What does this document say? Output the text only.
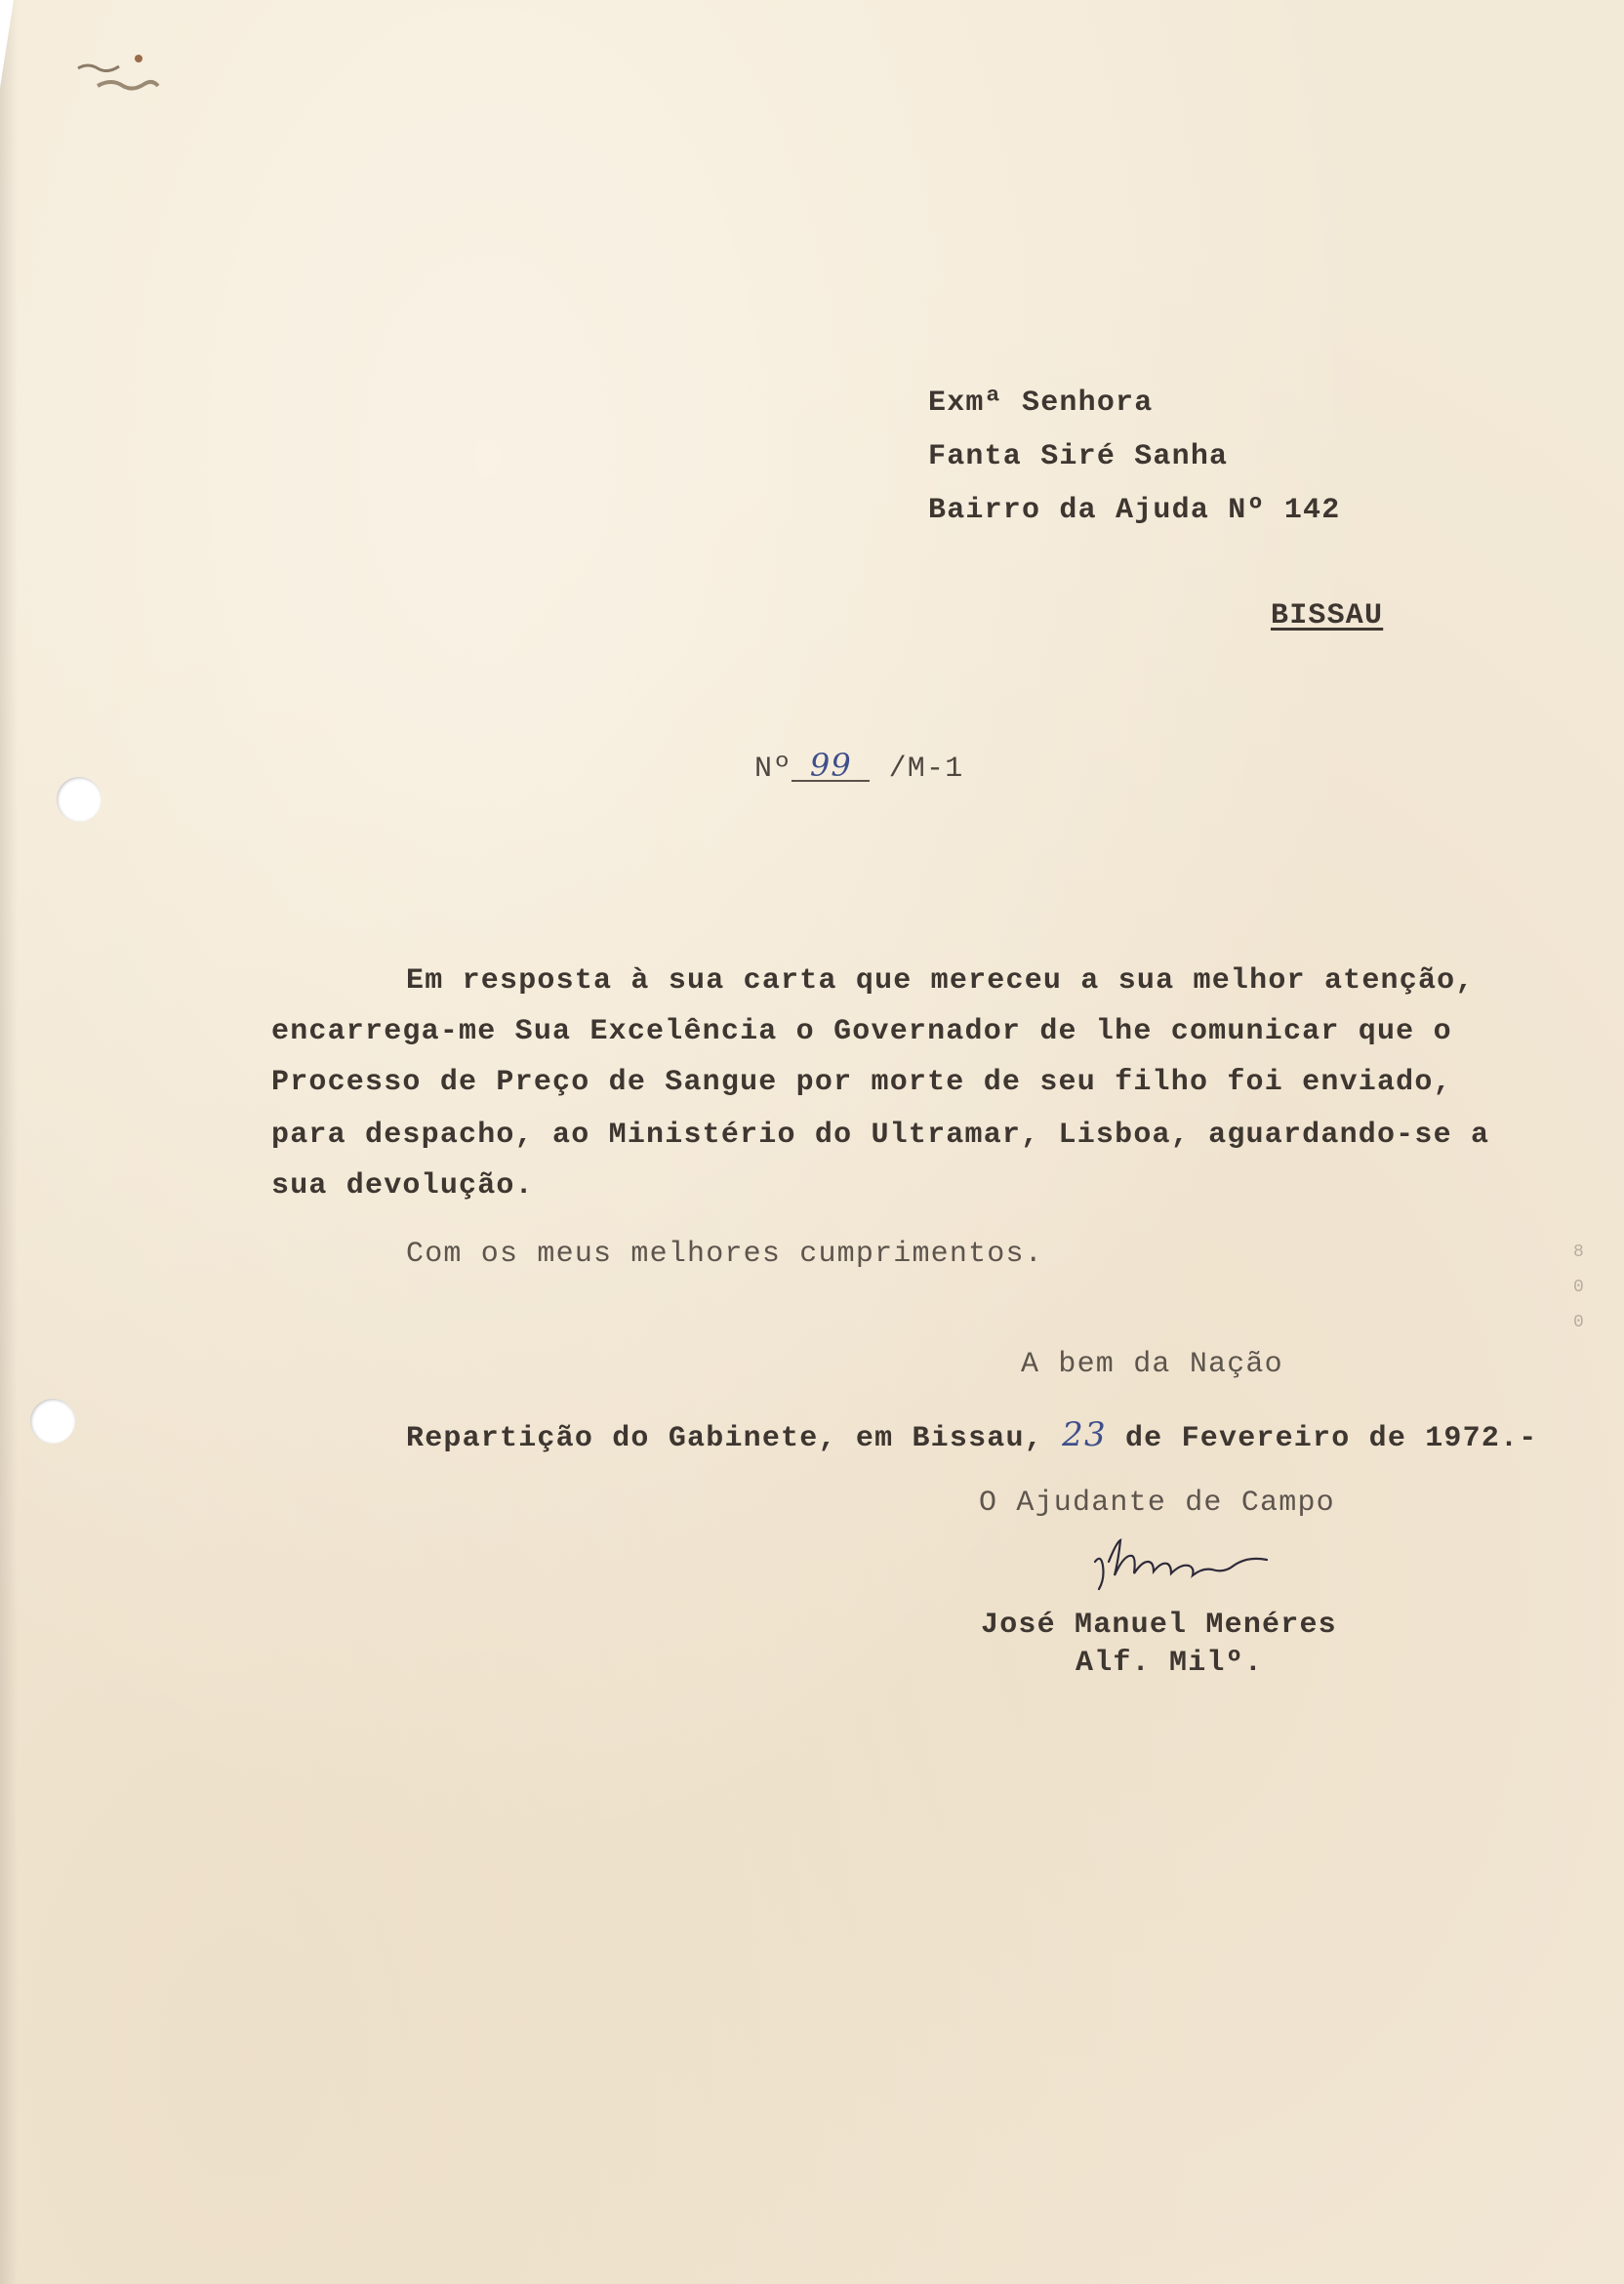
Exmª Senhora
Fanta Siré Sanha
Bairro da Ajuda Nº 142
BISSAU
Nº 99 /M-1
Em resposta à sua carta que mereceu a sua melhor atenção,
encarrega-me Sua Excelência o Governador de lhe comunicar que o
Processo de Preço de Sangue por morte de seu filho foi enviado,
para despacho, ao Ministério do Ultramar, Lisboa, aguardando-se a
sua devolução.
Com os meus melhores cumprimentos.
A bem da Nação
Repartição do Gabinete, em Bissau, 23 de Fevereiro de 1972.-
O Ajudante de Campo
José Manuel Menéres
Alf. Milº.
8
0
0
